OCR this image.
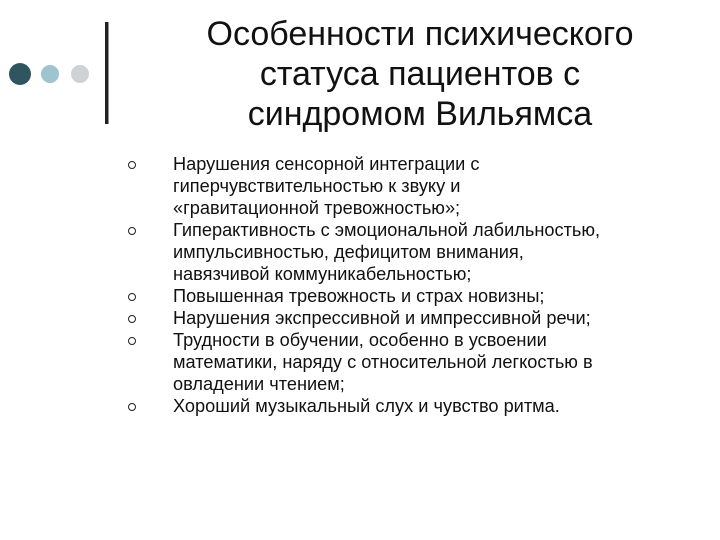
Особенности психического
статуса пациентов с
синдромом Вильямса
Нарушения сенсорной интеграции с
гиперчувствительностью к звуку и
«гравитационной тревожностью»;
Гиперактивность с эмоциональной лабильностью,
импульсивностью, дефицитом внимания,
навязчивой коммуникабельностью;
Повышенная тревожность и страх новизны;
Нарушения экспрессивной и импрессивной речи;
Трудности в обучении, особенно в усвоении
математики, наряду с относительной легкостью в
овладении чтением;
Хороший музыкальный слух и чувство ритма.
